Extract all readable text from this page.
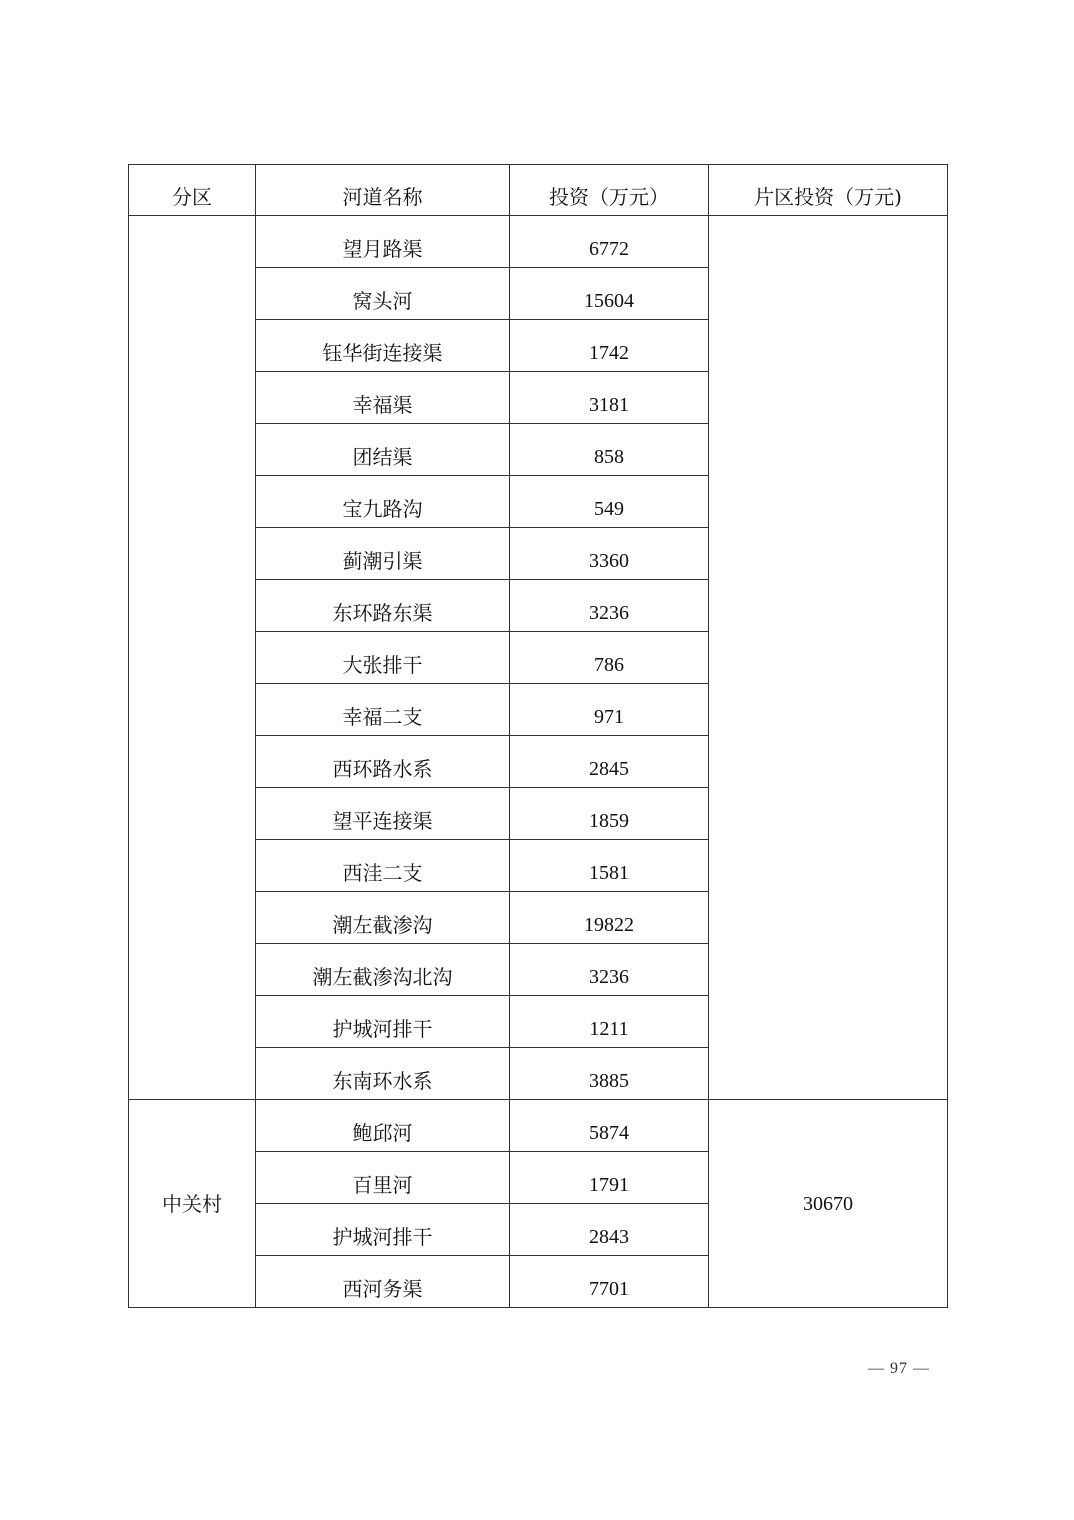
分区	河道名称	投资（万元）	片区投资（万元)
	望月路渠	6772	
	窝头河	15604	
	钰华街连接渠	1742	
	幸福渠	3181	
	团结渠	858	
	宝九路沟	549	
	蓟潮引渠	3360	
	东环路东渠	3236	
	大张排干	786	
	幸福二支	971	
	西环路水系	2845	
	望平连接渠	1859	
	西洼二支	1581	
	潮左截渗沟	19822	
	潮左截渗沟北沟	3236	
	护城河排干	1211	
	东南环水系	3885	
中关村	鲍邱河	5874	30670
	百里河	1791	
	护城河排干	2843	
	西河务渠	7701	
— 97 —
